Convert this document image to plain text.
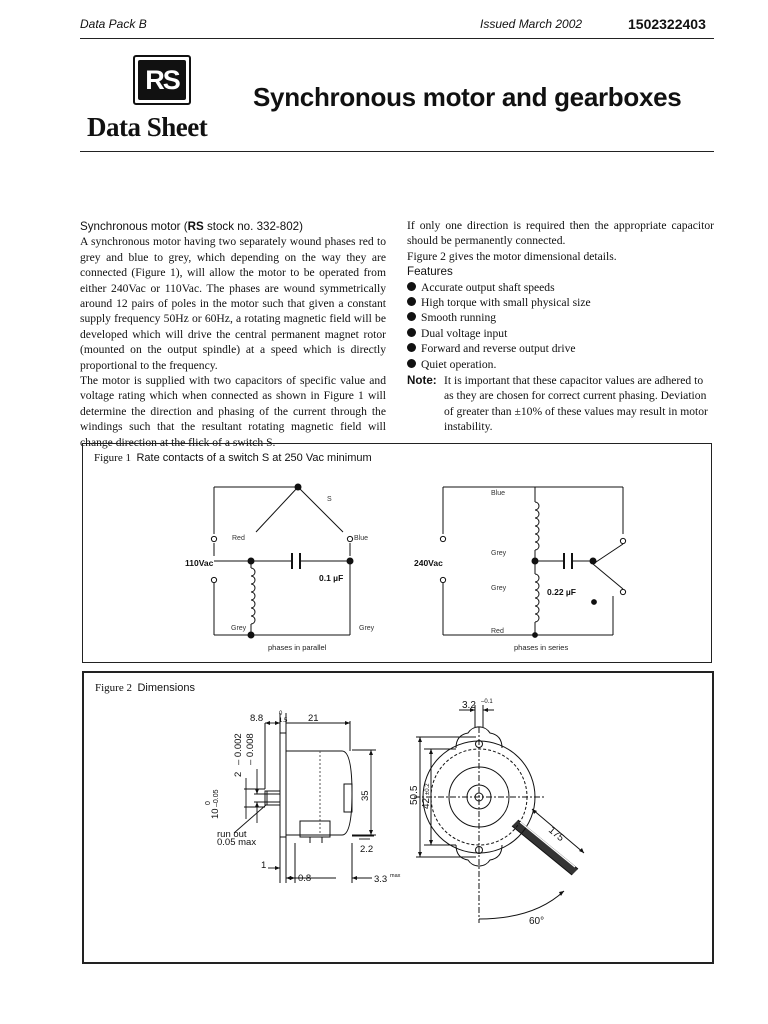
Data Pack B	Issued March 2002	1502322403
RS
Data Sheet
Synchronous motor and gearboxes

Synchronous motor (RS stock no. 332-802)

A synchronous motor having two separately wound phases red to grey and blue to grey, which depending on the way they are connected (Figure 1), will allow the motor to be operated from either 240Vac or 110Vac. The phases are wound symmetrically around 12 pairs of poles in the motor such that given a constant supply frequency 50Hz or 60Hz, a rotating magnetic field will be developed which will drive the central permanent magnet rotor (mounted on the output spindle) at a speed which is directly proportional to the frequency.

The motor is supplied with two capacitors of specific value and voltage rating which when connected as shown in Figure 1 will determine the direction and phasing of the current through the windings such that the resultant rotating magnetic field will change direction at the flick of a switch S.

If only one direction is required then the appropriate capacitor should be permanently connected.

Figure 2 gives the motor dimensional details.

Features

Accurate output shaft speeds
High torque with small physical size
Smooth running
Dual voltage input
Forward and reverse output drive
Quiet operation.
Note: It is important that these capacitor values are adhered to as they are chosen for correct current phasing. Deviation of greater than ±10% of these values may result in motor instability.
Figure 1 Rate contacts of a switch S at 250 Vac minimum
S
Red	Blue
Grey	Grey
Blue
Grey
Grey
Red
110Vac
0.1 µF
240Vac
0.22 µF
phases in parallel	phases in series
Figure 2 Dimensions
8.8	0
1.5 21
– 0.002 – 0.008
2
10
0 –0.05	35
run out
0.05 max
2.2
1
0.8	3.3 max
3.2 –0.1
50.5 42
±0.2
175
60°
